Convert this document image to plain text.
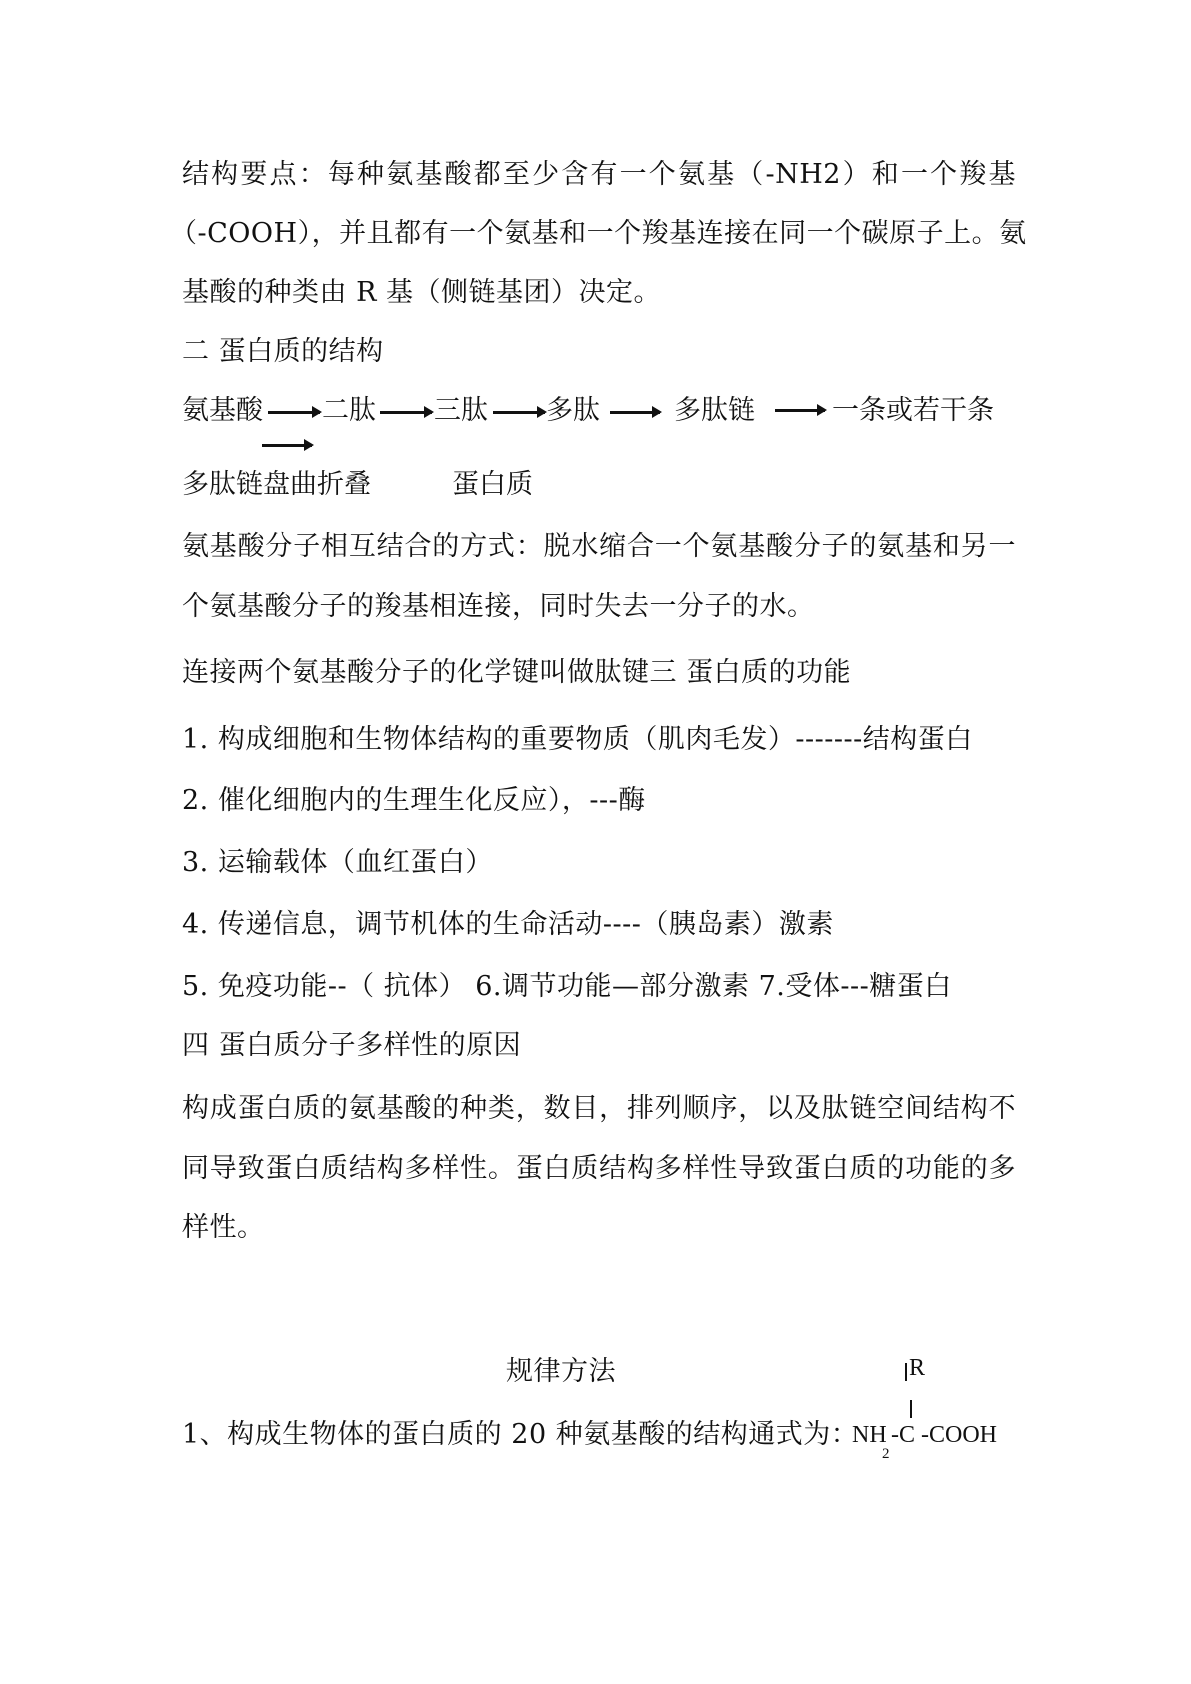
结构要点：每种氨基酸都至少含有一个氨基（-NH2）和一个羧基
（-COOH），并且都有一个氨基和一个羧基连接在同一个碳原子上。氨
基酸的种类由 R 基（侧链基团）决定。
二 蛋白质的结构
氨基酸 二肽 三肽 多肽	多肽链	一条或若干条
多肽链盘曲折叠	蛋白质
氨基酸分子相互结合的方式：脱水缩合一个氨基酸分子的氨基和另一
个氨基酸分子的羧基相连接，同时失去一分子的水。
连接两个氨基酸分子的化学键叫做肽键三 蛋白质的功能
1. 构成细胞和生物体结构的重要物质（肌肉毛发）-------结构蛋白
2. 催化细胞内的生理生化反应），---酶
3. 运输载体（血红蛋白）
4. 传递信息，调节机体的生命活动----（胰岛素）激素
5. 免疫功能--（ 抗体） 6.调节功能—部分激素 7.受体---糖蛋白
四 蛋白质分子多样性的原因
构成蛋白质的氨基酸的种类，数目，排列顺序，以及肽链空间结构不
同导致蛋白质结构多样性。蛋白质结构多样性导致蛋白质的功能的多
样性。
规律方法
1、构成生物体的蛋白质的 20 种氨基酸的结构通式为：
R
NH
2
-C -COOH
